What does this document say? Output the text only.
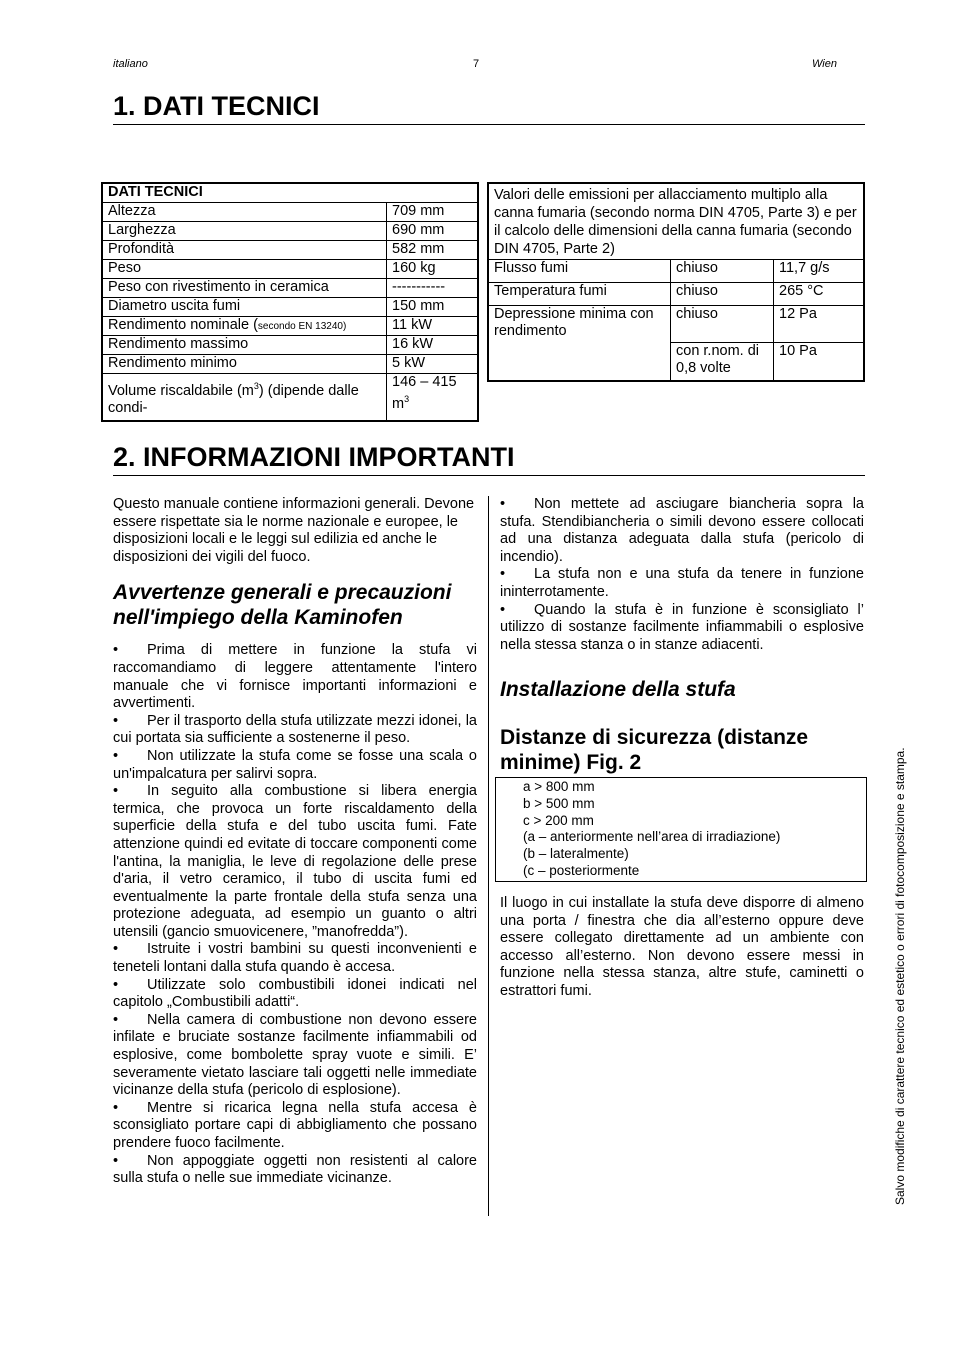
italiano	7	Wien
1. DATI TECNICI
DATI TECNICI	
Altezza	709 mm
Larghezza	690 mm
Profondità	582 mm
Peso	160 kg
Peso con rivestimento in ceramica	-----------
Diametro uscita fumi	150 mm
Rendimento nominale (secondo EN 13240)	11 kW
Rendimento massimo	16 kW
Rendimento minimo	5 kW
Volume riscaldabile $(m^3)$ (dipende dalle condi-	146 – 415 $m^3$
Valori delle emissioni per allacciamento multiplo alla canna fumaria (secondo norma DIN 4705, Parte 3) e per il calcolo delle dimensioni della canna fumaria (secondo DIN 4705, Parte 2)		
Flusso fumi	chiuso	11,7 g/s
Temperatura fumi	chiuso	265 °C
Depressione minima con rendimento	chiuso	12 Pa
	con r.nom. di 0,8 volte	10 Pa
2. INFORMAZIONI IMPORTANTI
Questo manuale contiene informazioni generali. Devone essere rispettate sia le norme nazionale e europee, le disposizioni locali e le leggi sul edilizia ed anche le disposizioni dei vigili del fuoco.
Avvertenze generali e precauzioni nell'impiego della Kaminofen
• Prima di mettere in funzione la stufa vi raccomandiamo di leggere attentamente l'intero manuale che vi fornisce importanti informazioni e avvertimenti.
• Per il trasporto della stufa utilizzate mezzi idonei, la cui portata sia sufficiente a sostenerne il peso.
• Non utilizzate la stufa come se fosse una scala o un'impalcatura per salirvi sopra.
• In seguito alla combustione si libera energia termica, che provoca un forte riscaldamento della superficie della stufa e del tubo uscita fumi. Fate attenzione quindi ed evitate di toccare componenti come l'antina, la maniglia, le leve di regolazione delle prese d'aria, il vetro ceramico, il tubo di uscita fumi ed eventualmente la parte frontale della stufa senza una protezione adeguata, ad esempio un guanto o altri utensili (gancio smuovicenere, ”manofredda”).
• Istruite i vostri bambini su questi inconvenienti e teneteli lontani dalla stufa quando è accesa.
• Utilizzate solo combustibili idonei indicati nel capitolo „Combustibili adatti“.
• Nella camera di combustione non devono essere infilate e bruciate sostanze facilmente infiammabili od esplosive, come bombolette spray vuote e simili. E’ severamente vietato lasciare tali oggetti nelle immediate vicinanze della stufa (pericolo di esplosione).
• Mentre si ricarica legna nella stufa accesa è sconsigliato portare capi di abbigliamento che possano prendere fuoco facilmente.
• Non appoggiate oggetti non resistenti al calore sulla stufa o nelle sue immediate vicinanze.
• Non mettete ad asciugare biancheria sopra la stufa. Stendibiancheria o simili devono essere collocati ad una distanza adeguata dalla stufa (pericolo di incendio).
• La stufa non e una stufa da tenere in funzione ininterrotamente.
• Quando la stufa è in funzione è sconsigliato l’ utilizzo di sostanze facilmente infiammabili o esplosive nella stessa stanza o in stanze adiacenti.
Installazione della stufa
Distanze di sicurezza (distanze minime) Fig. 2
a > 800 mm
b > 500 mm
c > 200 mm
(a – anteriormente nell’area di irradiazione)
(b – lateralmente)
(c – posteriormente
Il luogo in cui installate la stufa deve disporre di almeno una porta / finestra che dia all’esterno oppure deve essere collegato direttamente ad un ambiente con accesso all’esterno. Non devono essere messi in funzione nella stessa stanza, altre stufe, caminetti o estrattori fumi.	Salvo modifiche di carattere tecnico ed estetico o errori di fotocomposizione e stampa.
